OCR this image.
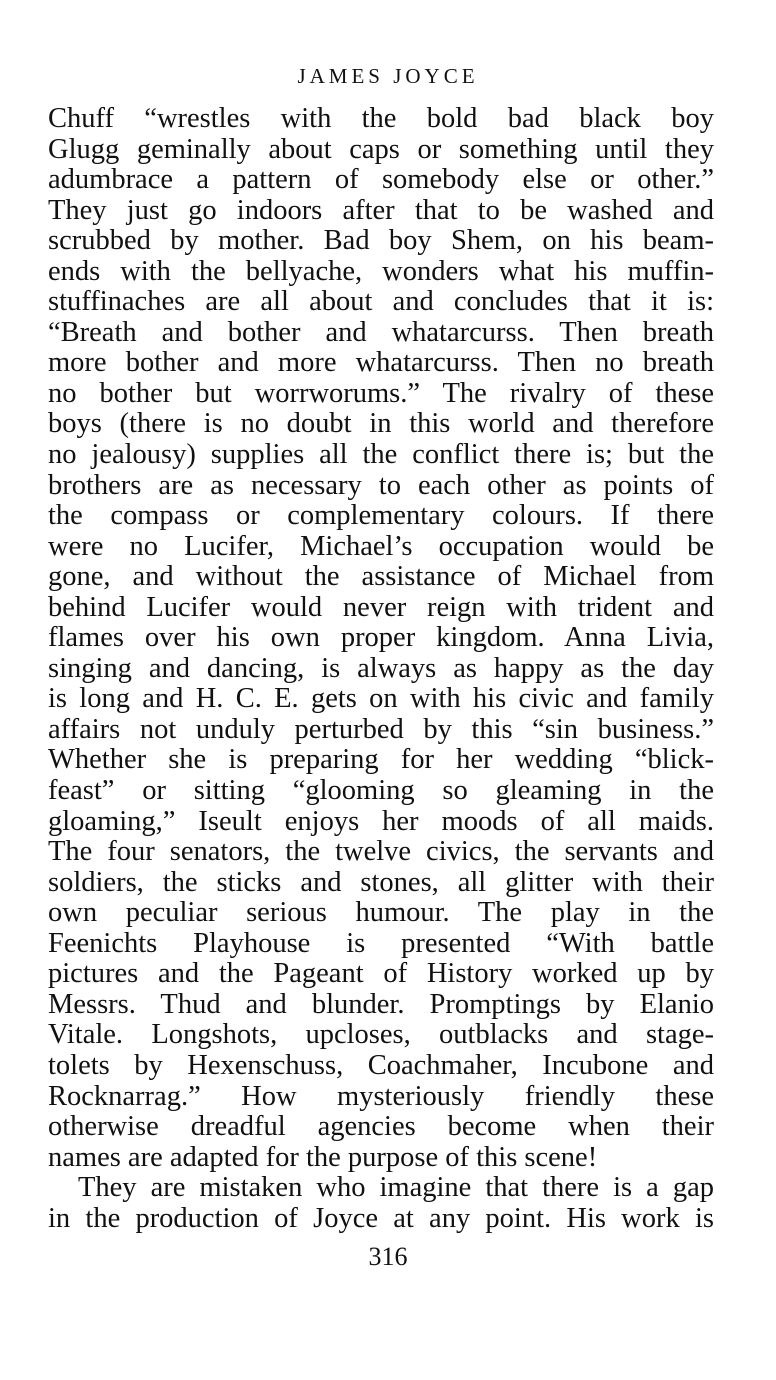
JAMES JOYCE
Chuff “wrestles with the bold bad black boy
Glugg geminally about caps or something until they
adumbrace a pattern of somebody else or other.”
They just go indoors after that to be washed and
scrubbed by mother. Bad boy Shem, on his beam-
ends with the bellyache, wonders what his muffin-
stuffinaches are all about and concludes that it is:
“Breath and bother and whatarcurss. Then breath
more bother and more whatarcurss. Then no breath
no bother but worrworums.” The rivalry of these
boys (there is no doubt in this world and therefore
no jealousy) supplies all the conflict there is; but the
brothers are as necessary to each other as points of
the compass or complementary colours. If there
were no Lucifer, Michael’s occupation would be
gone, and without the assistance of Michael from
behind Lucifer would never reign with trident and
flames over his own proper kingdom. Anna Livia,
singing and dancing, is always as happy as the day
is long and H. C. E. gets on with his civic and family
affairs not unduly perturbed by this “sin business.”
Whether she is preparing for her wedding “blick-
feast” or sitting “glooming so gleaming in the
gloaming,” Iseult enjoys her moods of all maids.
The four senators, the twelve civics, the servants and
soldiers, the sticks and stones, all glitter with their
own peculiar serious humour. The play in the
Feenichts Playhouse is presented “With battle
pictures and the Pageant of History worked up by
Messrs. Thud and blunder. Promptings by Elanio
Vitale. Longshots, upcloses, outblacks and stage-
tolets by Hexenschuss, Coachmaher, Incubone and
Rocknarrag.” How mysteriously friendly these
otherwise dreadful agencies become when their
names are adapted for the purpose of this scene!
They are mistaken who imagine that there is a gap
in the production of Joyce at any point. His work is
316
